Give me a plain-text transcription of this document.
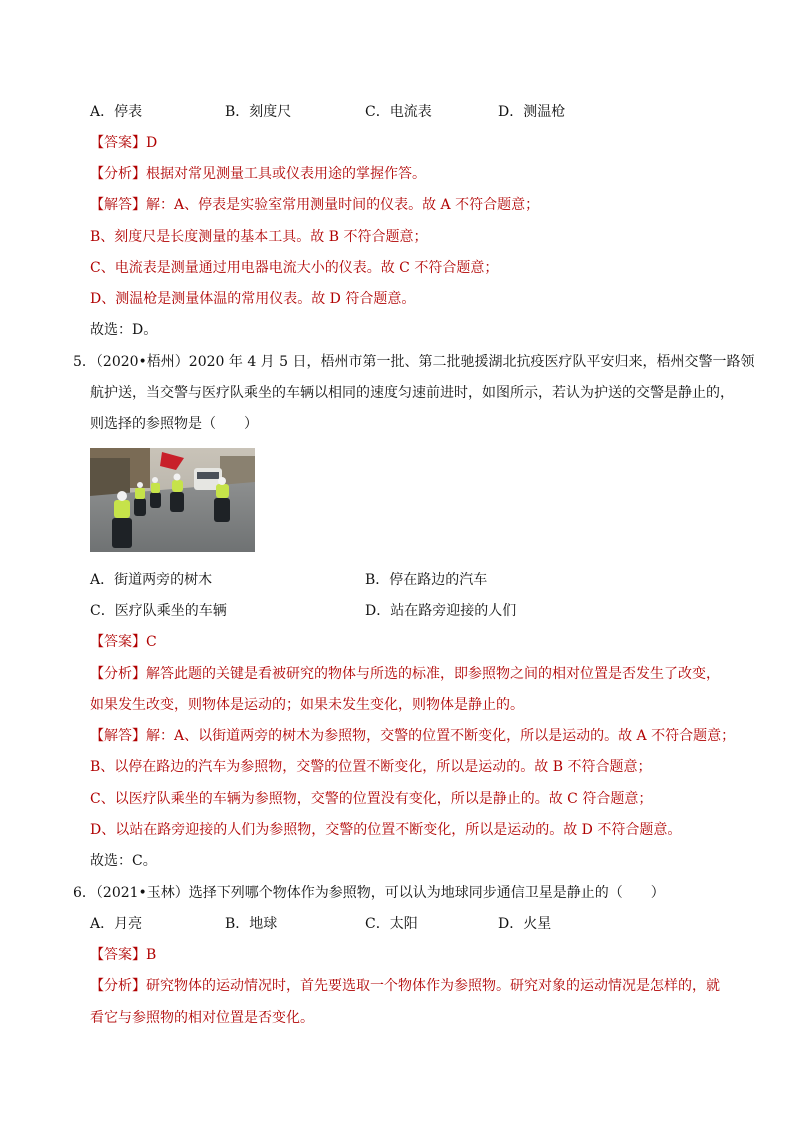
A．停表	B．刻度尺	C．电流表	D．测温枪
【答案】D
【分析】根据对常见测量工具或仪表用途的掌握作答。
【解答】解：A、停表是实验室常用测量时间的仪表。故 A 不符合题意；
B、刻度尺是长度测量的基本工具。故 B 不符合题意；
C、电流表是测量通过用电器电流大小的仪表。故 C 不符合题意；
D、测温枪是测量体温的常用仪表。故 D 符合题意。
故选：D。
5．（2020•梧州）2020 年 4 月 5 日，梧州市第一批、第二批驰援湖北抗疫医疗队平安归来，梧州交警一路领
航护送，当交警与医疗队乘坐的车辆以相同的速度匀速前进时，如图所示，若认为护送的交警是静止的，
则选择的参照物是（　　）
A．街道两旁的树木	B．停在路边的汽车
C．医疗队乘坐的车辆	D．站在路旁迎接的人们
【答案】C
【分析】解答此题的关键是看被研究的物体与所选的标准，即参照物之间的相对位置是否发生了改变，
如果发生改变，则物体是运动的；如果未发生变化，则物体是静止的。
【解答】解：A、以街道两旁的树木为参照物，交警的位置不断变化，所以是运动的。故 A 不符合题意；
B、以停在路边的汽车为参照物，交警的位置不断变化，所以是运动的。故 B 不符合题意；
C、以医疗队乘坐的车辆为参照物，交警的位置没有变化，所以是静止的。故 C 符合题意；
D、以站在路旁迎接的人们为参照物，交警的位置不断变化，所以是运动的。故 D 不符合题意。
故选：C。
6．（2021•玉林）选择下列哪个物体作为参照物，可以认为地球同步通信卫星是静止的（　　）
A．月亮	B．地球	C．太阳	D．火星
【答案】B
【分析】研究物体的运动情况时，首先要选取一个物体作为参照物。研究对象的运动情况是怎样的，就
看它与参照物的相对位置是否变化。
